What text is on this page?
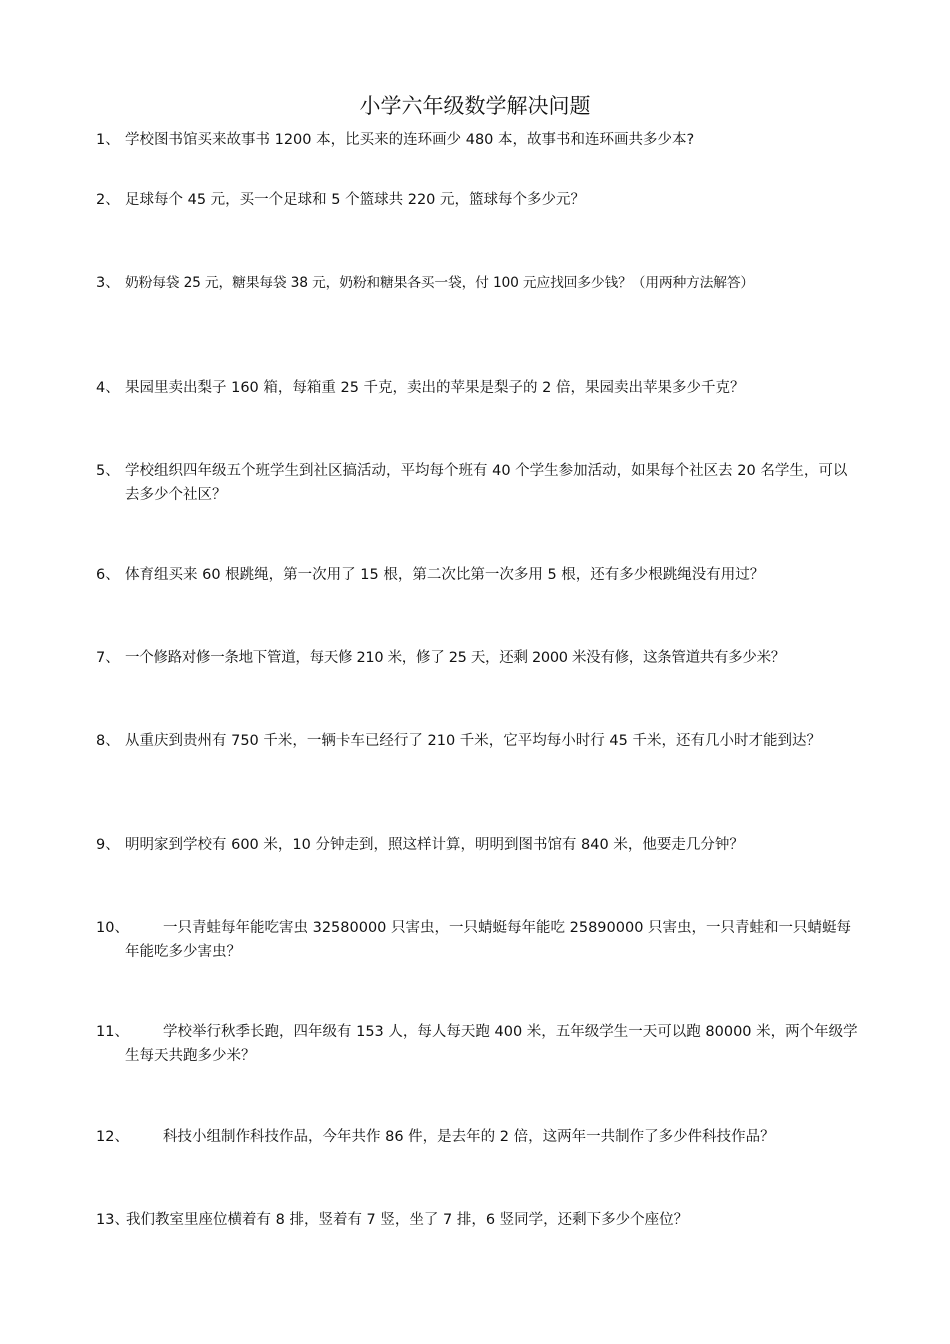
小学六年级数学解决问题
1、 学校图书馆买来故事书 1200 本，比买来的连环画少 480 本，故事书和连环画共多少本?
2、 足球每个 45 元，买一个足球和 5 个篮球共 220 元，篮球每个多少元？
3、 奶粉每袋 25 元，糖果每袋 38 元，奶粉和糖果各买一袋，付 100 元应找回多少钱？（用两种方法解答）
4、 果园里卖出梨子 160 箱，每箱重 25 千克，卖出的苹果是梨子的 2 倍，果园卖出苹果多少千克？
5、 学校组织四年级五个班学生到社区搞活动，平均每个班有 40 个学生参加活动，如果每个社区去 20 名学生，可以去多少个社区？
6、 体育组买来 60 根跳绳，第一次用了 15 根，第二次比第一次多用 5 根，还有多少根跳绳没有用过？
7、 一个修路对修一条地下管道，每天修 210 米，修了 25 天，还剩 2000 米没有修，这条管道共有多少米？
8、 从重庆到贵州有 750 千米，一辆卡车已经行了 210 千米，它平均每小时行 45 千米，还有几小时才能到达？
9、 明明家到学校有 600 米，10 分钟走到，照这样计算，明明到图书馆有 840 米，他要走几分钟？
10、	一只青蛙每年能吃害虫 32580000 只害虫，一只蜻蜓每年能吃 25890000 只害虫，一只青蛙和一只蜻蜓每年能吃多少害虫？
11、	学校举行秋季长跑，四年级有 153 人，每人每天跑 400 米，五年级学生一天可以跑 80000 米，两个年级学生每天共跑多少米？
12、	科技小组制作科技作品，今年共作 86 件，是去年的 2 倍，这两年一共制作了多少件科技作品？
13、
我们教室里座位横着有 8 排，竖着有 7 竖，坐了 7 排，6 竖同学，还剩下多少个座位？
